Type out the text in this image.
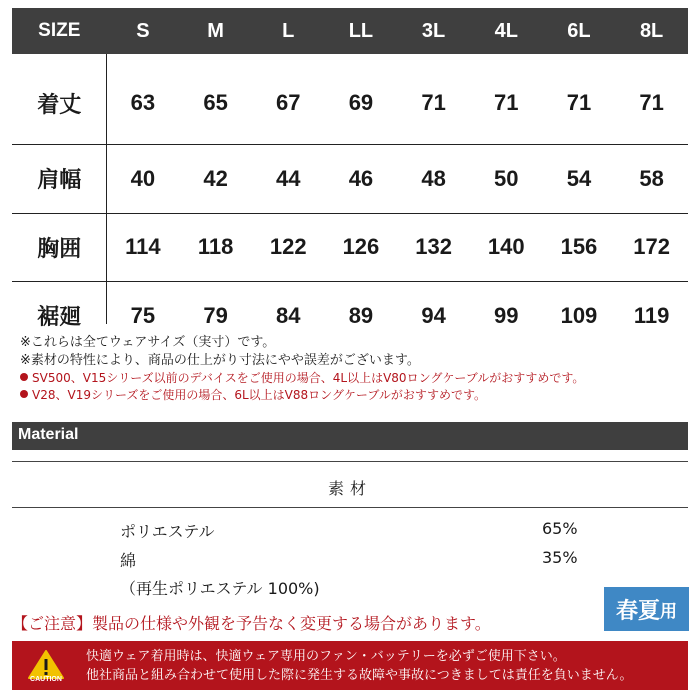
SIZE	S	M	L	LL	3L	4L	6L	8L
着丈	63	65	67	69	71	71	71	71
肩幅	40	42	44	46	48	50	54	58
胸囲	114	118	122	126	132	140	156	172
裾廻	75	79	84	89	94	99	109	119
※これらは全てウェアサイズ（実寸）です。
※素材の特性により、商品の仕上がり寸法にやや誤差がございます。
SV500、V15シリーズ以前のデバイスをご使用の場合、4L以上はV80ロングケーブルがおすすめです。
V28、V19シリーズをご使用の場合、6L以上はV88ロングケーブルがおすすめです。
Material
素材
ポリエステル	65%
綿	35%
（再生ポリエステル 100%)
春夏 用
【ご注意】製品の仕様や外観を予告なく変更する場合があります。
CAUTION
快適ウェア着用時は、快適ウェア専用のファン・バッテリーを必ずご使用下さい。
他社商品と組み合わせて使用した際に発生する故障や事故につきましては責任を負いません。
